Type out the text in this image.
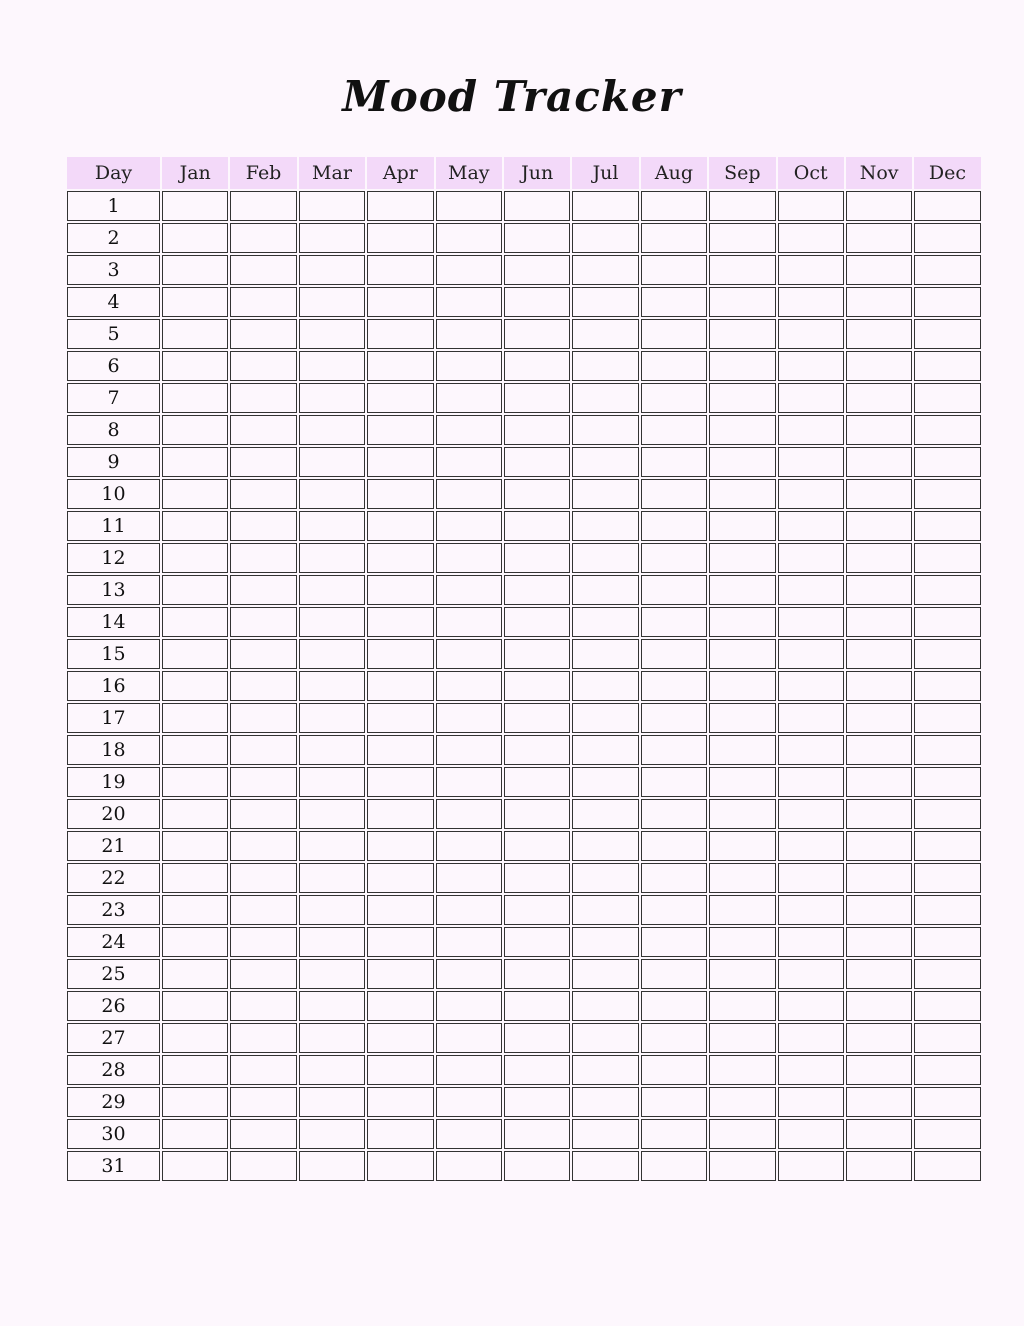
Mood Tracker
Day	Jan	Feb	Mar	Apr	May	Jun	Jul	Aug	Sep	Oct	Nov	Dec
1												
2												
3												
4												
5												
6												
7												
8												
9												
10												
11												
12												
13												
14												
15												
16												
17												
18												
19												
20												
21												
22												
23												
24												
25												
26												
27												
28												
29												
30												
31												
